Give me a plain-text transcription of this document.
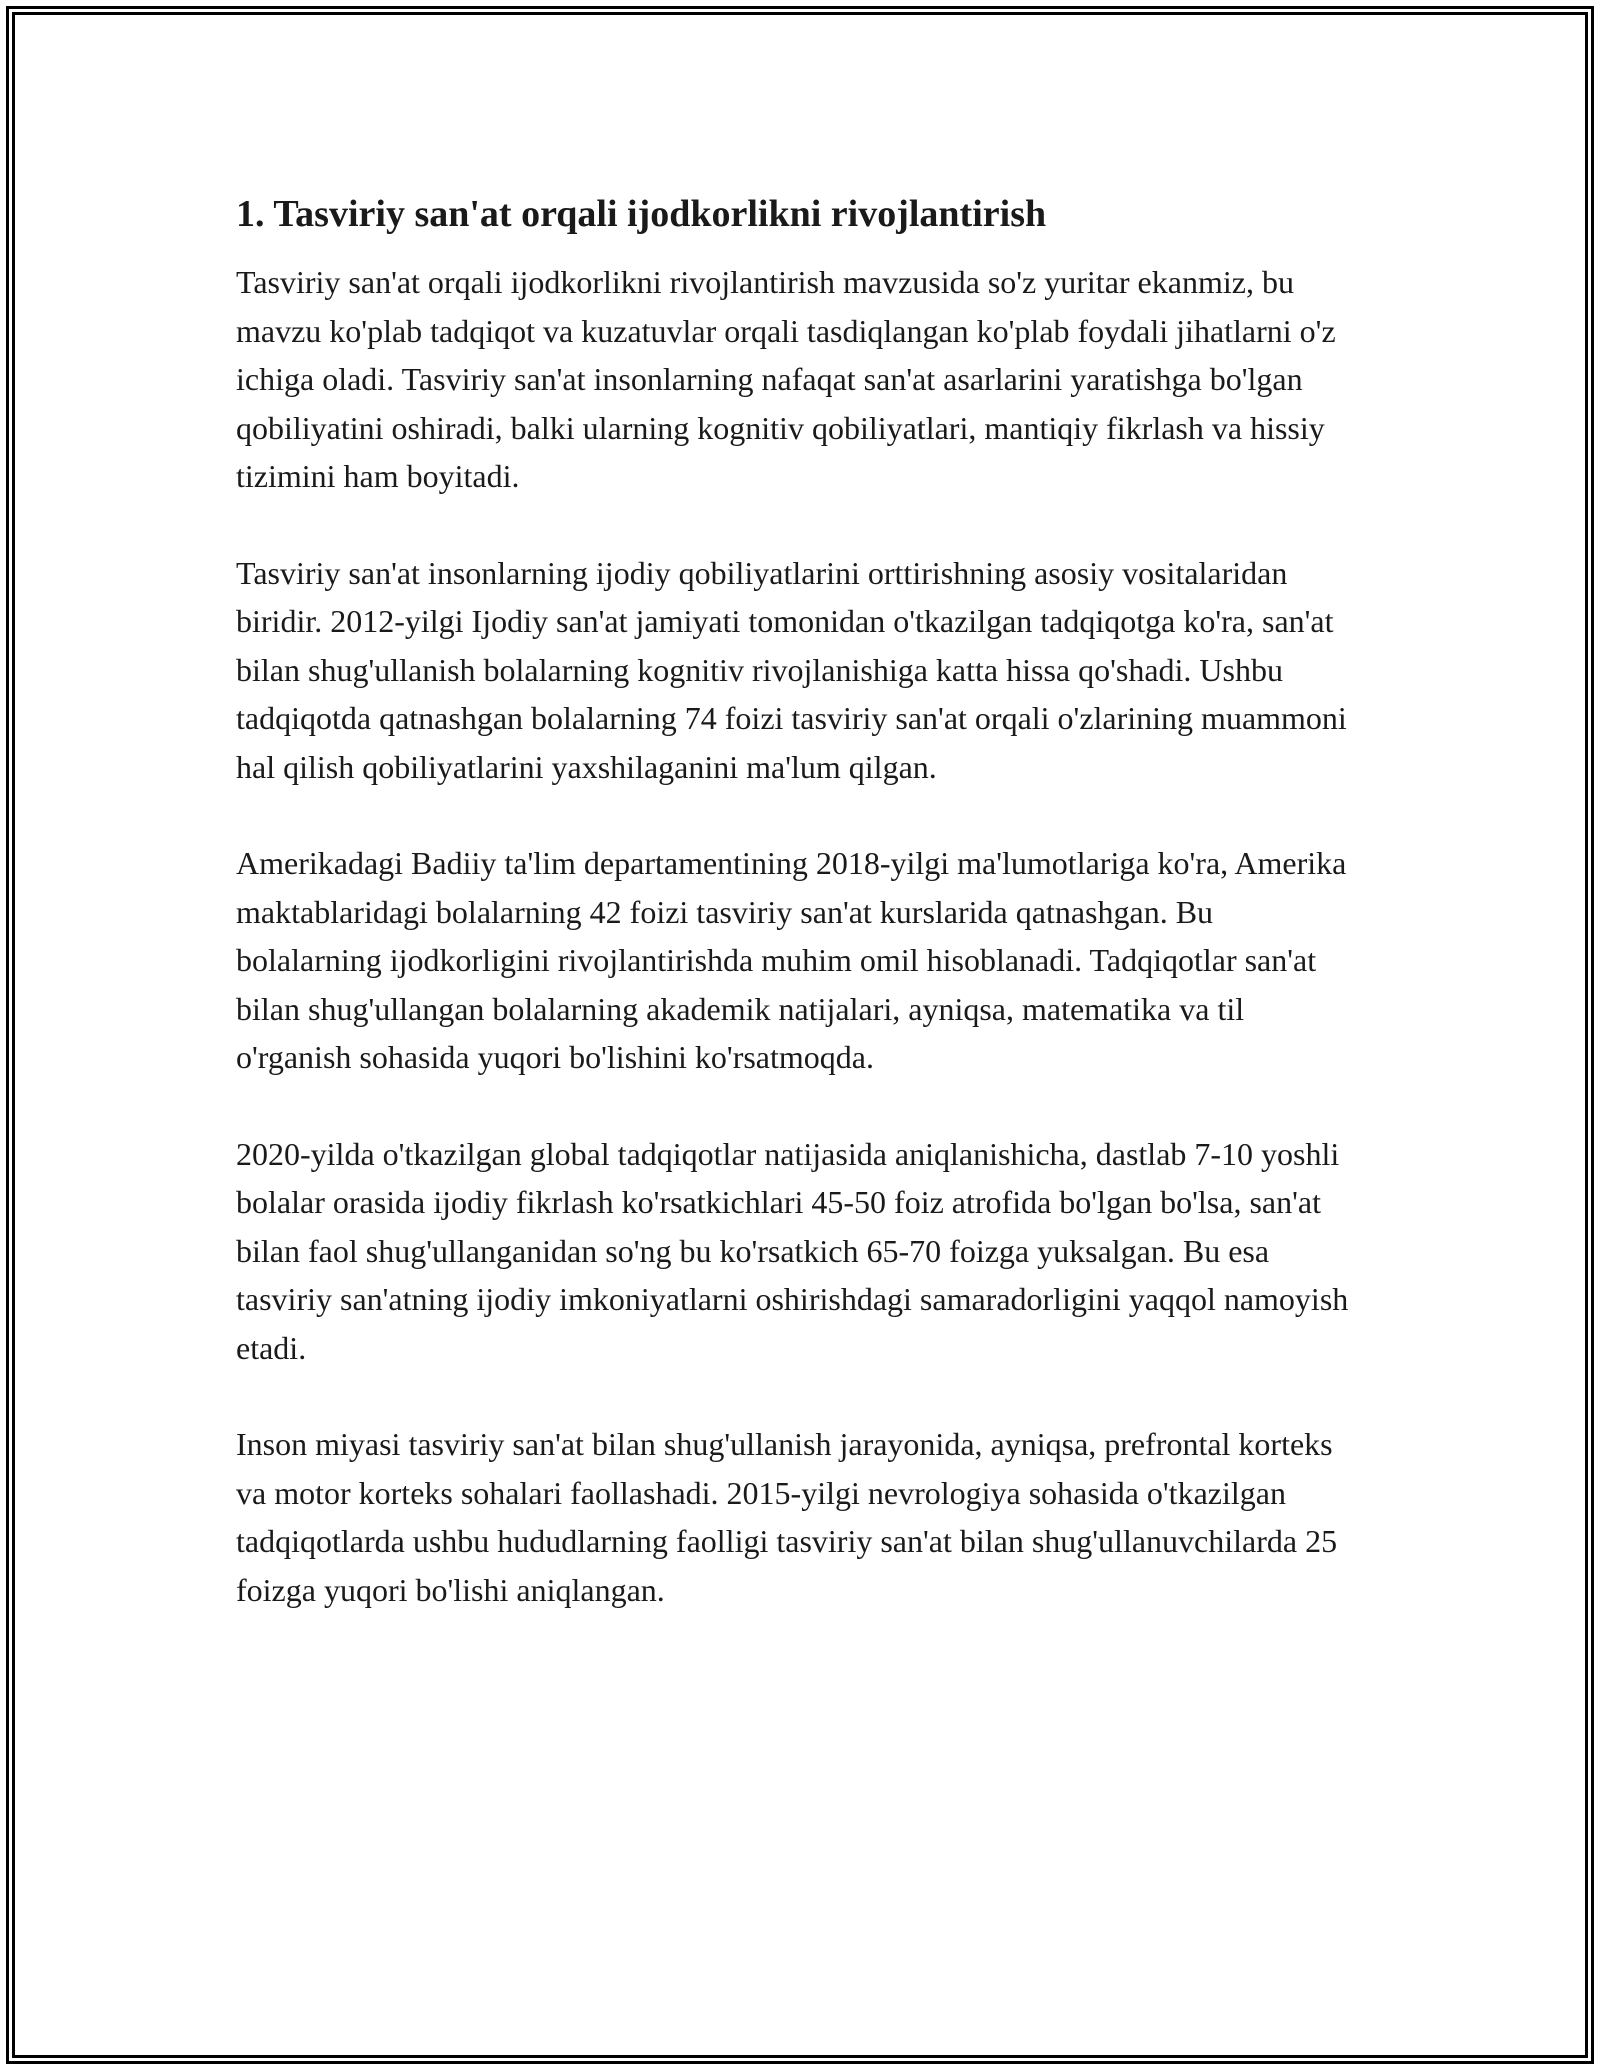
1. Tasviriy san'at orqali ijodkorlikni rivojlantirish

Tasviriy san'at orqali ijodkorlikni rivojlantirish mavzusida so'z yuritar ekanmiz, bu mavzu ko'plab tadqiqot va kuzatuvlar orqali tasdiqlangan ko'plab foydali jihatlarni o'z ichiga oladi. Tasviriy san'at insonlarning nafaqat san'at asarlarini yaratishga bo'lgan qobiliyatini oshiradi, balki ularning kognitiv qobiliyatlari, mantiqiy fikrlash va hissiy tizimini ham boyitadi.

Tasviriy san'at insonlarning ijodiy qobiliyatlarini orttirishning asosiy vositalaridan biridir. 2012-yilgi Ijodiy san'at jamiyati tomonidan o'tkazilgan tadqiqotga ko'ra, san'at bilan shug'ullanish bolalarning kognitiv rivojlanishiga katta hissa qo'shadi. Ushbu tadqiqotda qatnashgan bolalarning 74 foizi tasviriy san'at orqali o'zlarining muammoni hal qilish qobiliyatlarini yaxshilaganini ma'lum qilgan.

Amerikadagi Badiiy ta'lim departamentining 2018-yilgi ma'lumotlariga ko'ra, Amerika maktablaridagi bolalarning 42 foizi tasviriy san'at kurslarida qatnashgan. Bu bolalarning ijodkorligini rivojlantirishda muhim omil hisoblanadi. Tadqiqotlar san'at bilan shug'ullangan bolalarning akademik natijalari, ayniqsa, matematika va til o'rganish sohasida yuqori bo'lishini ko'rsatmoqda.

2020-yilda o'tkazilgan global tadqiqotlar natijasida aniqlanishicha, dastlab 7-10 yoshli bolalar orasida ijodiy fikrlash ko'rsatkichlari 45-50 foiz atrofida bo'lgan bo'lsa, san'at bilan faol shug'ullanganidan so'ng bu ko'rsatkich 65-70 foizga yuksalgan. Bu esa tasviriy san'atning ijodiy imkoniyatlarni oshirishdagi samaradorligini yaqqol namoyish etadi.

Inson miyasi tasviriy san'at bilan shug'ullanish jarayonida, ayniqsa, prefrontal korteks va motor korteks sohalari faollashadi. 2015-yilgi nevrologiya sohasida o'tkazilgan tadqiqotlarda ushbu hududlarning faolligi tasviriy san'at bilan shug'ullanuvchilarda 25 foizga yuqori bo'lishi aniqlangan.
